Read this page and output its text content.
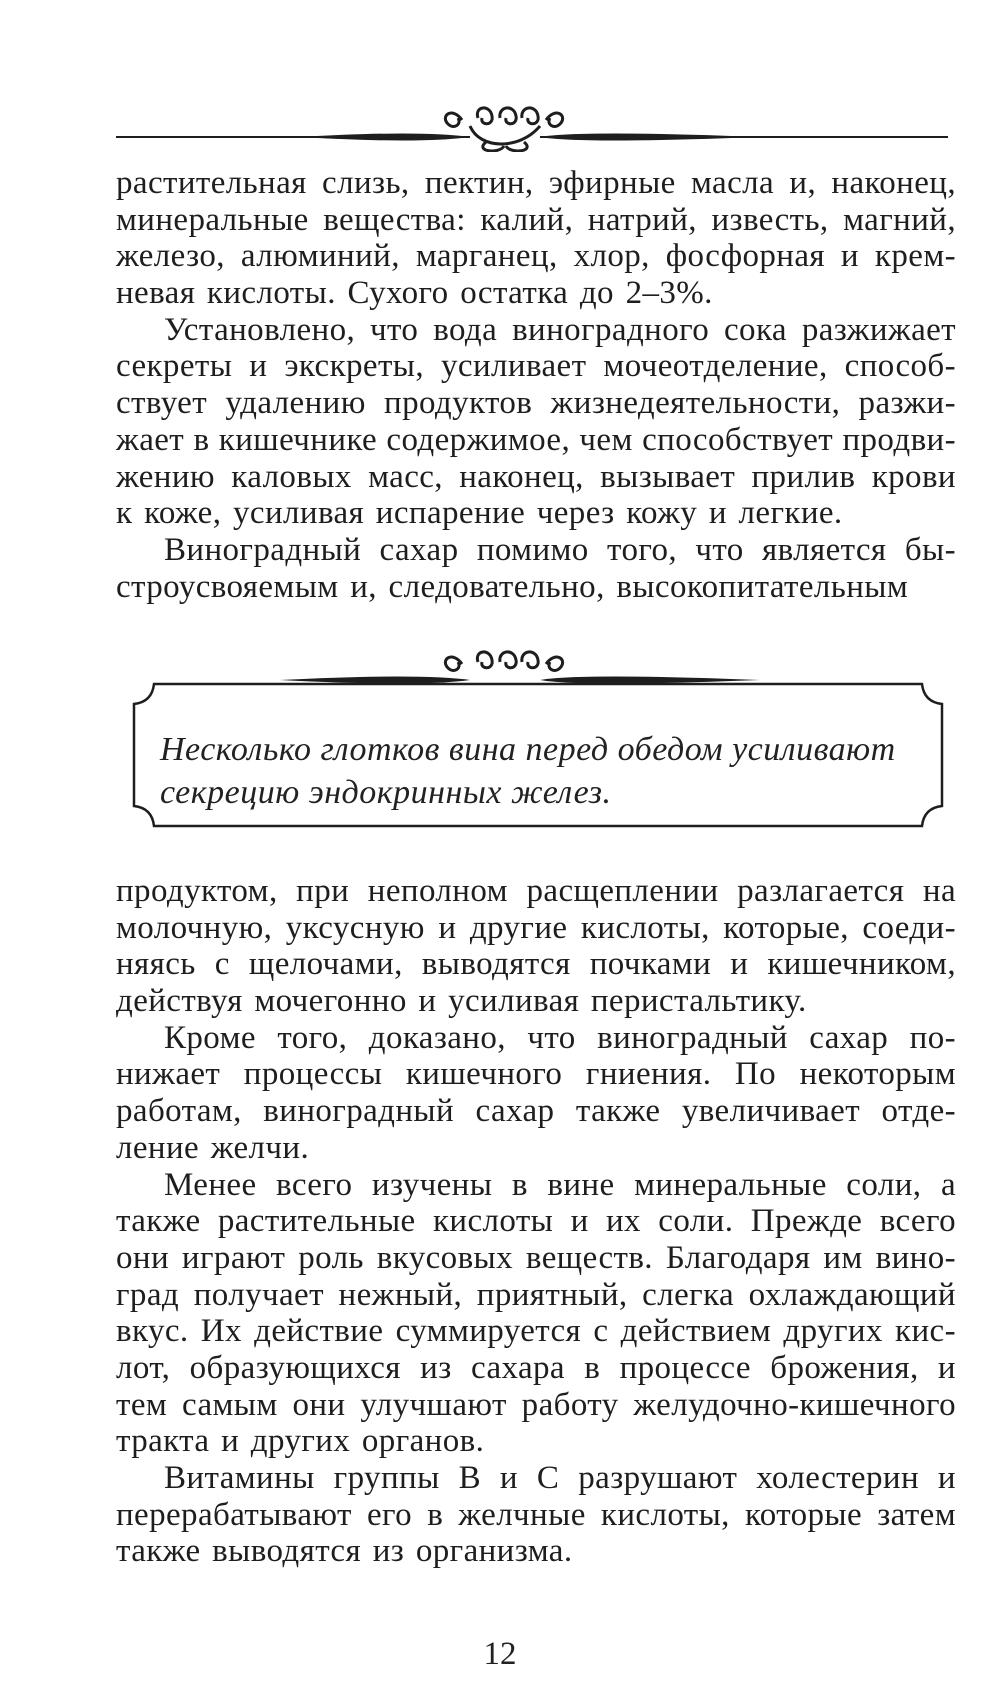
растительная слизь, пектин, эфирные масла и, наконец,
минеральные вещества: калий, натрий, известь, магний,
железо, алюминий, марганец, хлор, фосфорная и крем-
невая кислоты. Сухого остатка до 2–3%.
Установлено, что вода виноградного сока разжижает
секреты и экскреты, усиливает мочеотделение, способ-
ствует удалению продуктов жизнедеятельности, разжи-
жает в кишечнике содержимое, чем способствует продви-
жению каловых масс, наконец, вызывает прилив крови
к коже, усиливая испарение через кожу и легкие.
Виноградный сахар помимо того, что является бы-
строусвояемым и, следовательно, высокопитательным
Несколько глотков вина перед обедом усиливают
секрецию эндокринных желез.
продуктом, при неполном расщеплении разлагается на
молочную, уксусную и другие кислоты, которые, соеди-
няясь с щелочами, выводятся почками и кишечником,
действуя мочегонно и усиливая перистальтику.
Кроме того, доказано, что виноградный сахар по-
нижает процессы кишечного гниения. По некоторым
работам, виноградный сахар также увеличивает отде-
ление желчи.
Менее всего изучены в вине минеральные соли, а
также растительные кислоты и их соли. Прежде всего
они играют роль вкусовых веществ. Благодаря им вино-
град получает нежный, приятный, слегка охлаждающий
вкус. Их действие суммируется с действием других кис-
лот, образующихся из сахара в процессе брожения, и
тем самым они улучшают работу желудочно-кишечного
тракта и других органов.
Витамины группы В и С разрушают холестерин и
перерабатывают его в желчные кислоты, которые затем
также выводятся из организма.
12
